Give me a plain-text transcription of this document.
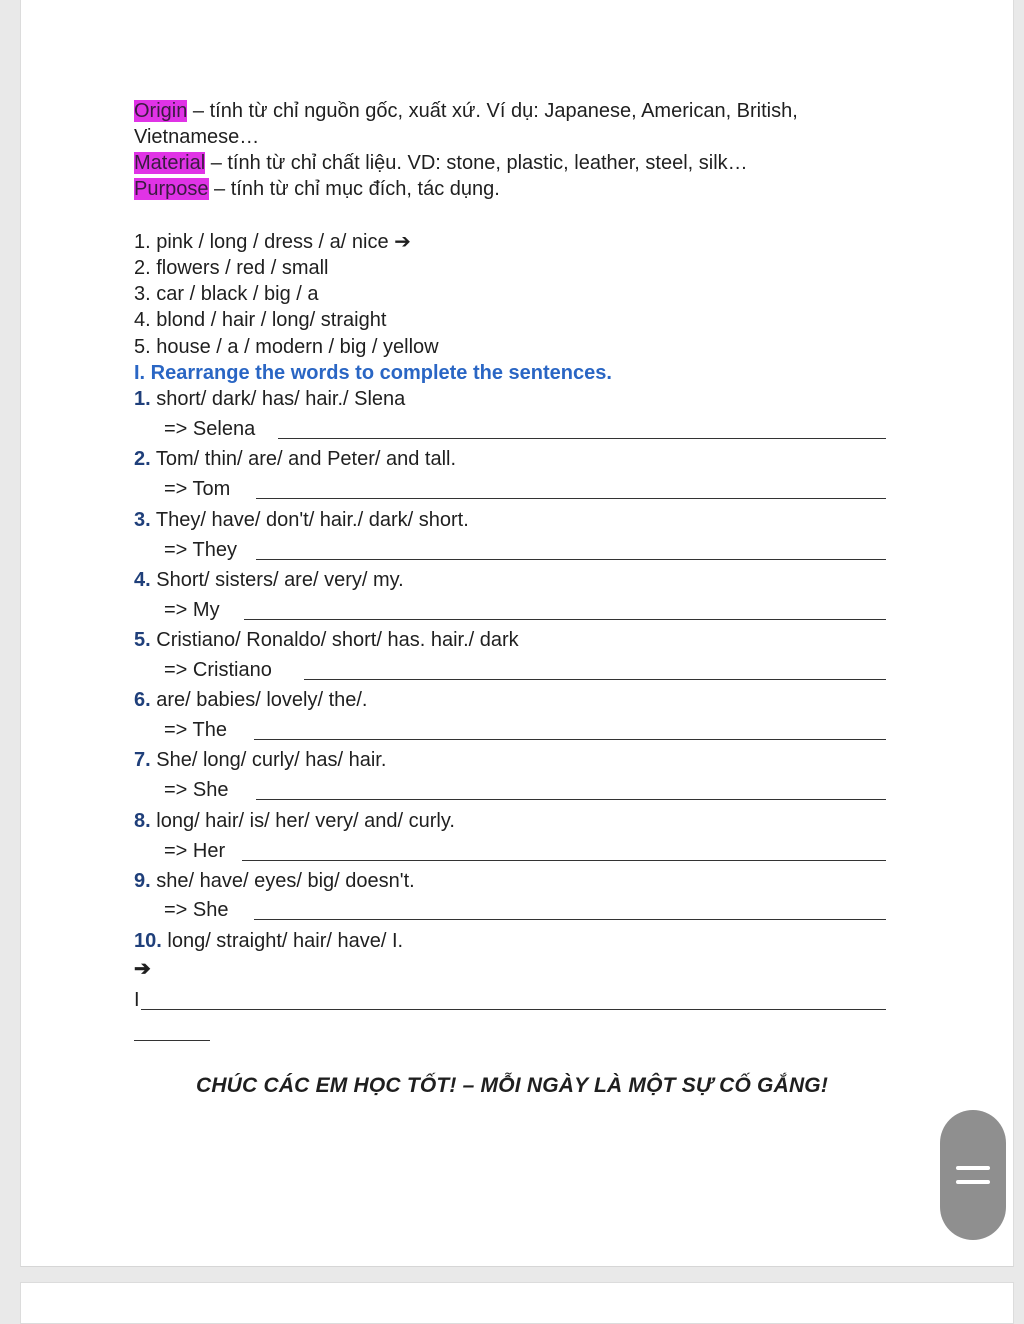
Origin – tính từ chỉ nguồn gốc, xuất xứ. Ví dụ: Japanese, American, British,
Vietnamese…
Material – tính từ chỉ chất liệu. VD: stone, plastic, leather, steel, silk…
Purpose – tính từ chỉ mục đích, tác dụng.
1. pink / long / dress / a/ nice ➔
2. flowers / red / small
3. car / black / big / a
4. blond / hair / long/ straight
5. house / a / modern / big / yellow
I. Rearrange the words to complete the sentences.
1. short/ dark/ has/ hair./ Slena
=> Selena
2. Tom/ thin/ are/ and Peter/ and tall.
=> Tom
3. They/ have/ don't/ hair./ dark/ short.
=> They
4. Short/ sisters/ are/ very/ my.
=> My
5. Cristiano/ Ronaldo/ short/ has. hair./ dark
=> Cristiano
6. are/ babies/ lovely/ the/.
=> The
7. She/ long/ curly/ has/ hair.
=> She
8. long/ hair/ is/ her/ very/ and/ curly.
=> Her
9. she/ have/ eyes/ big/ doesn't.
=> She
10. long/ straight/ hair/ have/ I.
➔
I
CHÚC CÁC EM HỌC TỐT! – MỖI NGÀY LÀ MỘT SỰ CỐ GẮNG!
